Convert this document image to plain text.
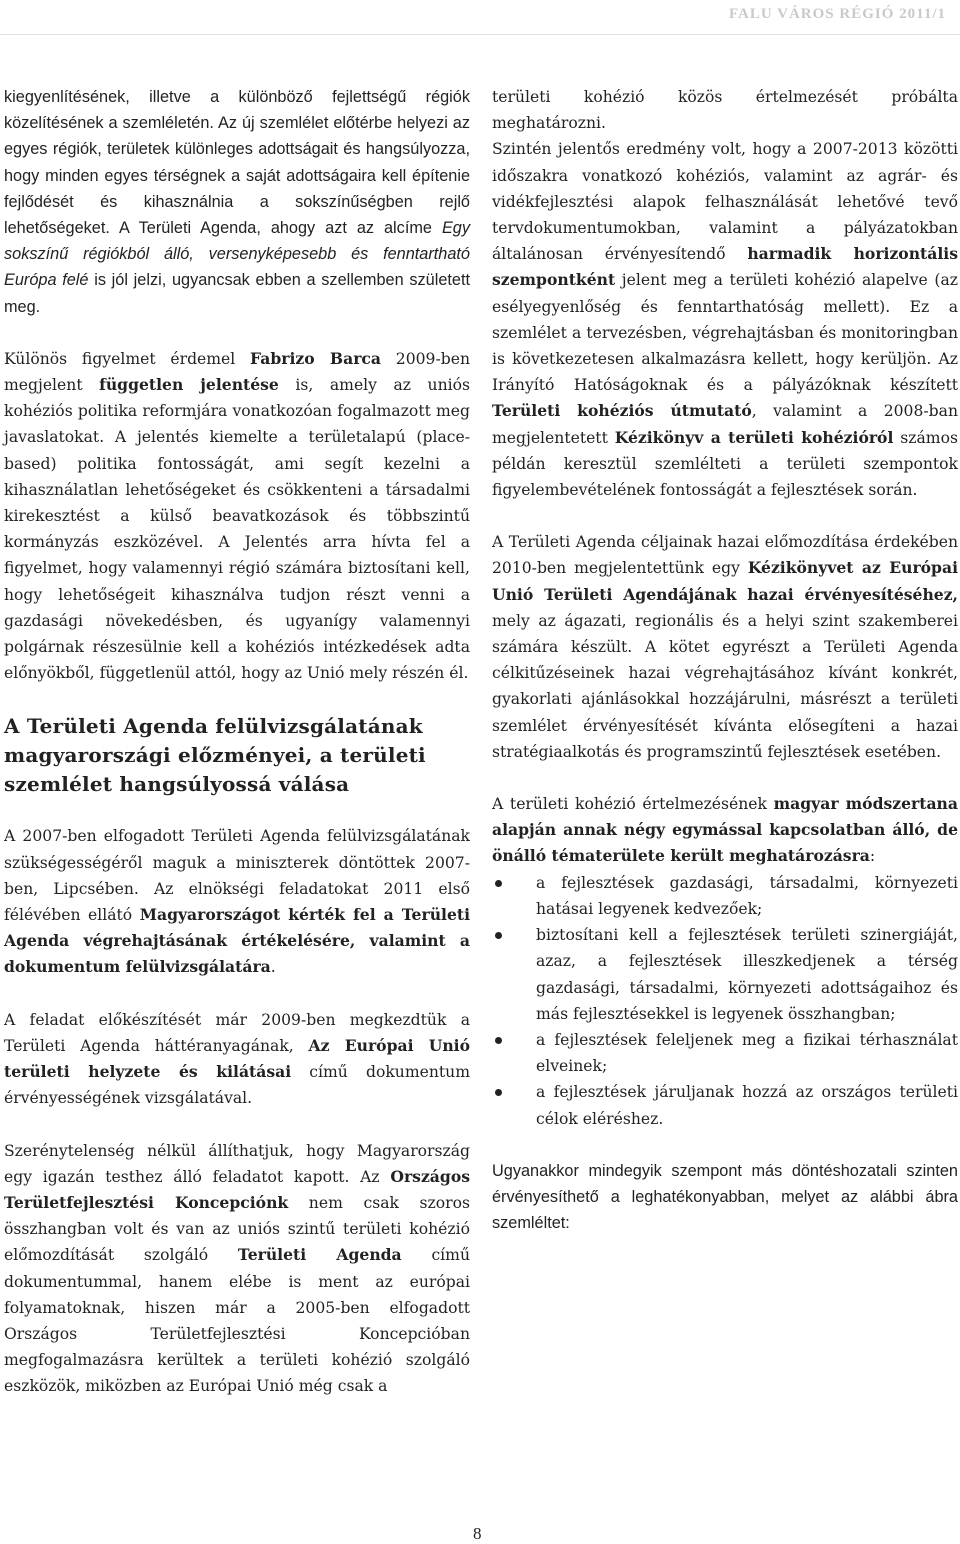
FALU VÁROS RÉGIÓ 2011/1

kiegyenlítésének, illetve a különböző fejlettségű régiók közelítésének a szemléletén. Az új szemlélet előtérbe helyezi az egyes régiók, területek különleges adottságait és hangsúlyozza, hogy minden egyes térségnek a saját adottságaira kell építenie fejlődését és kihasználnia a sokszínűségben rejlő lehetőségeket. A Területi Agenda, ahogy azt az alcíme Egy sokszínű régiókból álló, versenyképesebb és fenntartható Európa felé is jól jelzi, ugyancsak ebben a szellemben született meg.

Különös figyelmet érdemel Fabrizo Barca 2009-ben megjelent független jelentése is, amely az uniós kohéziós politika reformjára vonatkozóan fogalmazott meg javaslatokat. A jelentés kiemelte a területalapú (place-based) politika fontosságát, ami segít kezelni a kihasználatlan lehetőségeket és csökkenteni a társadalmi kirekesztést a külső beavatkozások és többszintű kormányzás eszközével. A Jelentés arra hívta fel a figyelmet, hogy valamennyi régió számára biztosítani kell, hogy lehetőségeit kihasználva tudjon részt venni a gazdasági növekedésben, és ugyanígy valamennyi polgárnak részesülnie kell a kohéziós intézkedések adta előnyökből, függetlenül attól, hogy az Unió mely részén él.

A Területi Agenda felülvizsgálatának magyarországi előzményei, a területi szemlélet hangsúlyossá válása

A 2007-ben elfogadott Területi Agenda felülvizsgálatának szükségességéről maguk a miniszterek döntöttek 2007-ben, Lipcsében. Az elnökségi feladatokat 2011 első félévében ellátó Magyarországot kérték fel a Területi Agenda végrehajtásának értékelésére, valamint a dokumentum felülvizsgálatára.

A feladat előkészítését már 2009-ben megkezdtük a Területi Agenda háttéranyagának, Az Európai Unió területi helyzete és kilátásai című dokumentum érvényességének vizsgálatával.

Szerénytelenség nélkül állíthatjuk, hogy Magyarország egy igazán testhez álló feladatot kapott. Az Országos Területfejlesztési Koncepciónk nem csak szoros összhangban volt és van az uniós szintű területi kohézió előmozdítását szolgáló Területi Agenda című dokumentummal, hanem elébe is ment az európai folyamatoknak, hiszen már a 2005-ben elfogadott Országos Területfejlesztési Koncepcióban megfogalmazásra kerültek a területi kohézió szolgáló eszközök, miközben az Európai Unió még csak a

területi kohézió közös értelmezését próbálta meghatározni.

Szintén jelentős eredmény volt, hogy a 2007-2013 közötti időszakra vonatkozó kohéziós, valamint az agrár- és vidékfejlesztési alapok felhasználását lehetővé tevő tervdokumentumokban, valamint a pályázatokban általánosan érvényesítendő harmadik horizontális szempontként jelent meg a területi kohézió alapelve (az esélyegyenlőség és fenntarthatóság mellett). Ez a szemlélet a tervezésben, végrehajtásban és monitoringban is következetesen alkalmazásra kellett, hogy kerüljön. Az Irányító Hatóságoknak és a pályázóknak készített Területi kohéziós útmutató, valamint a 2008-ban megjelentetett Kézikönyv a területi kohézióról számos példán keresztül szemlélteti a területi szempontok figyelembevételének fontosságát a fejlesztések során.

A Területi Agenda céljainak hazai előmozdítása érdekében 2010-ben megjelentettünk egy Kézikönyvet az Európai Unió Területi Agendájának hazai érvényesítéséhez, mely az ágazati, regionális és a helyi szint szakemberei számára készült. A kötet egyrészt a Területi Agenda célkitűzéseinek hazai végrehajtásához kívánt konkrét, gyakorlati ajánlásokkal hozzájárulni, másrészt a területi szemlélet érvényesítését kívánta elősegíteni a hazai stratégiaalkotás és programszintű fejlesztések esetében.

A területi kohézió értelmezésének magyar módszertana alapján annak négy egymással kapcsolatban álló, de önálló tématerülete került meghatározásra:

a fejlesztések gazdasági, társadalmi, környezeti hatásai legyenek kedvezőek;
biztosítani kell a fejlesztések területi szinergiáját, azaz, a fejlesztések illeszkedjenek a térség gazdasági, társadalmi, környezeti adottságaihoz és más fejlesztésekkel is legyenek összhangban;
a fejlesztések feleljenek meg a fizikai térhasználat elveinek;
a fejlesztések járuljanak hozzá az országos területi célok eléréshez.

Ugyanakkor mindegyik szempont más döntéshozatali szinten érvényesíthető a leghatékonyabban, melyet az alábbi ábra szemléltet:

8
